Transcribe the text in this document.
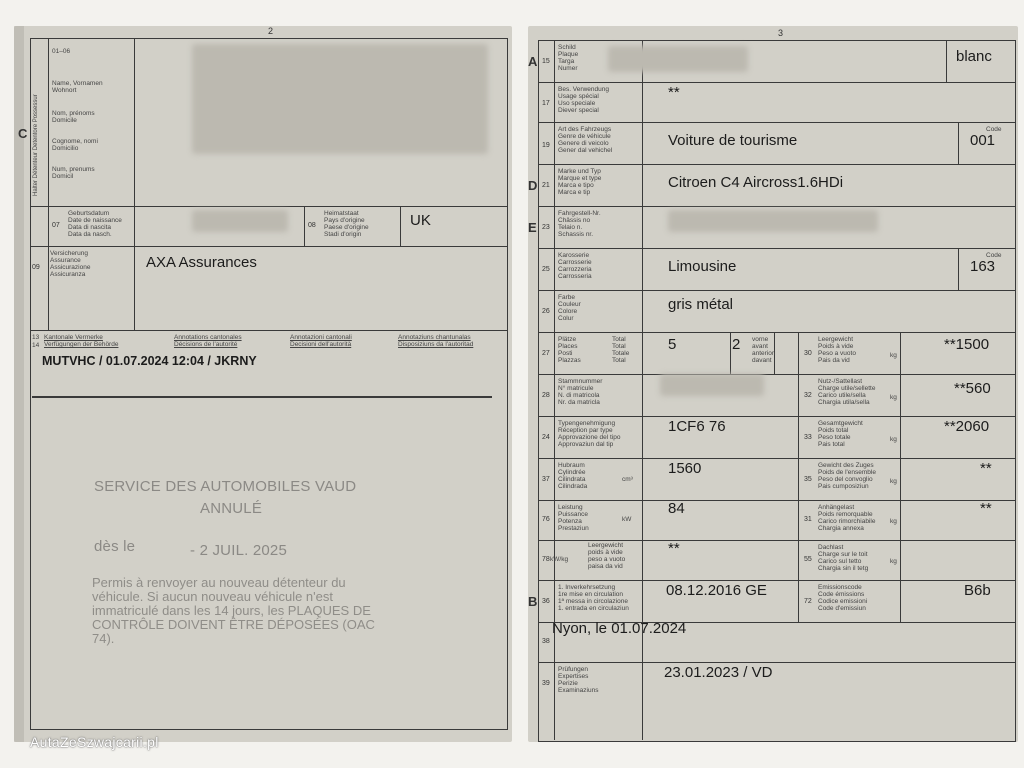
2
C
01–06
Name, Vornamen
Wohnort
Nom, prénoms
Domicile
Cognome, nomi
Domicilio
Num, prenums
Domicil
Halter Détenteur Detentore Possessur
07
Geburtsdatum
Date de naissance
Data di nascita
Data da nasch.
08
Heimatstaat
Pays d'origine
Paese d'origine
Stadi d'origin
UK
09
Versicherung
Assurance
Assicurazione
Assicuranza
AXA Assurances
13
14
Kantonale Vermerke
Verfügungen der Behörde
Annotations cantonales
Décisions de l'autorité
Annotazioni cantonali
Decisioni dell'autorità
Annotaziuns chantunalas
Disposiziuns da l'autoritad
MUTVHC / 01.07.2024 12:04 / JKRNY
SERVICE DES AUTOMOBILES VAUD
ANNULÉ
dès le	- 2 JUIL. 2025
Permis à renvoyer au nouveau détenteur du véhicule. Si aucun nouveau véhicule n'est immatriculé dans les 14 jours, les PLAQUES DE CONTRÔLE DOIVENT ÊTRE DÉPOSÉES (OAC 74).
3
A 15
Schild
Plaque
Targa
Numer
blanc
17
Bes. Verwendung
Usage spécial
Uso speciale
Diever special
**
19
Art des Fahrzeugs
Genre de véhicule
Genere di veicolo
Gener dal vehichel
Voiture de tourisme
Code
001
D 21
Marke und Typ
Marque et type
Marca e tipo
Marca e tip
Citroen C4 Aircross1.6HDi
E 23
Fahrgestell-Nr.
Châssis no
Telaio n.
Schassis nr.
25
Karosserie
Carrosserie
Carrozzeria
Carrosseria
Limousine
Code
163
26
Farbe
Couleur
Colore
Colur
gris métal
27
Plätze
Places
Posti
Plazzas
Total
Total
Totale
Total
5	2 vorne
avant
anteriori
davant
30
Leergewicht
Poids à vide
Peso a vuoto
Pais da vid
kg
**1500
28
Stammnummer
N° matricule
N. di matricola
Nr. da matricla
32
Nutz-/Sattellast
Charge utile/sellette
Carico utile/sella
Chargia utila/sella
kg
**560
24
Typengenehmigung
Réception par type
Approvazione del tipo
Approvaziun dal tip
1CF6 76
33
Gesamtgewicht
Poids total
Peso totale
Pais total
kg
**2060
37
Hubraum
Cylindrée
Cilindrata
Cilindrada
cm³
1560
35
Gewicht des Zuges
Poids de l'ensemble
Peso del convoglio
Pais cumposiziun
kg
**
76
Leistung
Puissance
Potenza
Prestaziun
kW
84
31
Anhängelast
Poids remorquable
Carico rimorchiabile
Chargia annexa
kg
**
78 kW/kg
Leergewicht
poids à vide
peso a vuoto
paisa da vid
**
55
Dachlast
Charge sur le toit
Carico sul tetto
Chargia sin il tetg
kg
B 36
1. Inverkehrsetzung
1re mise en circulation
1ª messa in circolazione
1. entrada en circulaziun
08.12.2016 GE
72
Emissionscode
Code émissions
Codice emissioni
Code d'emissiun
B6b
38
Nyon, le 01.07.2024
39
Prüfungen
Expertises
Perizie
Examinaziuns
23.01.2023 / VD
AutaZeSzwajcarii.pl
